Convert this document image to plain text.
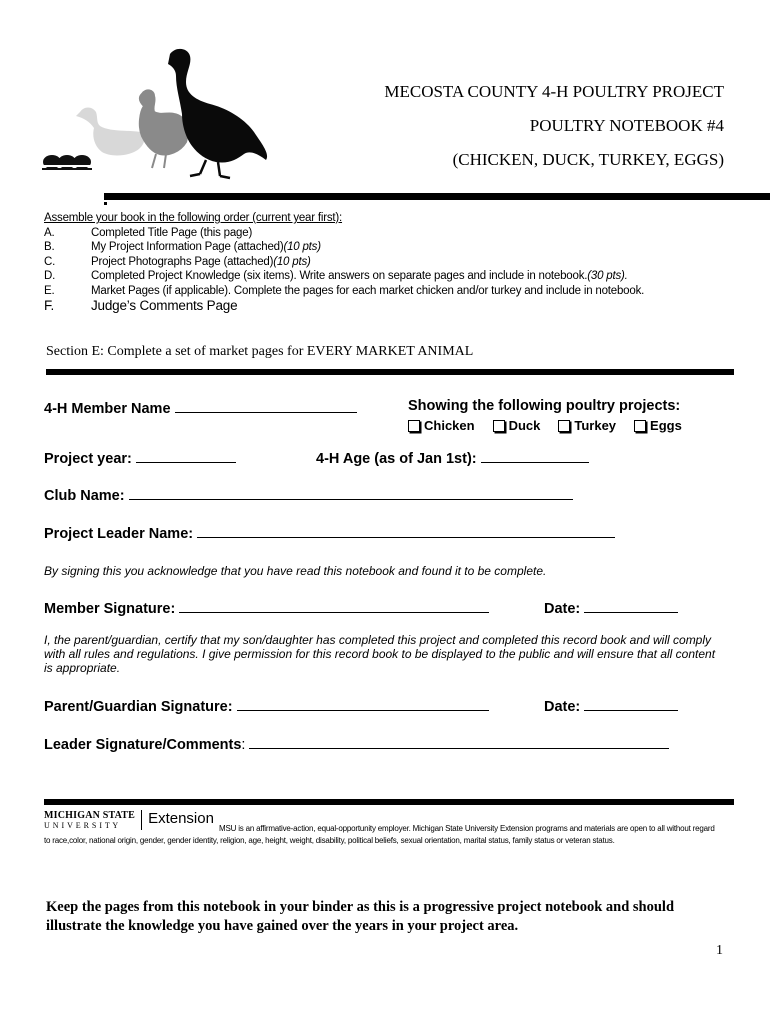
MECOSTA COUNTY 4-H POULTRY PROJECT
POULTRY NOTEBOOK #4
(CHICKEN, DUCK, TURKEY, EGGS)
Assemble your book in the following order (current year first):
A.	Completed Title Page (this page)
B.	My Project Information Page (attached) (10 pts)
C.	Project Photographs Page (attached) (10 pts)
D.	Completed Project Knowledge (six items). Write answers on separate pages and include in notebook. (30 pts).
E.	Market Pages (if applicable). Complete the pages for each market chicken and/or turkey and include in notebook.
F.	Judge’s Comments Page
Section E: Complete a set of market pages for EVERY MARKET ANIMAL
4-H Member Name	Showing the following poultry projects:
Chicken	Duck	Turkey	Eggs
Project year:	4-H Age (as of Jan 1st):
Club Name:
Project Leader Name:
By signing this you acknowledge that you have read this notebook and found it to be complete.
Member Signature:	Date:
I, the parent/guardian, certify that my son/daughter has completed this project and completed this record book and will comply with all rules and regulations. I give permission for this record book to be displayed to the public and will ensure that all content is appropriate.
Parent/Guardian Signature:	Date:
Leader Signature/Comments:
MICHIGAN STATE
U N I V E R S I T Y	Extension
MSU is an affirmative-action, equal-opportunity employer. Michigan State University Extension programs and materials are open to all without regard to race,color, national origin, gender, gender identity, religion, age, height, weight, disability, political beliefs, sexual orientation, marital status, family status or veteran status.
Keep the pages from this notebook in your binder as this is a progressive project notebook and should illustrate the knowledge you have gained over the years in your project area.
1
